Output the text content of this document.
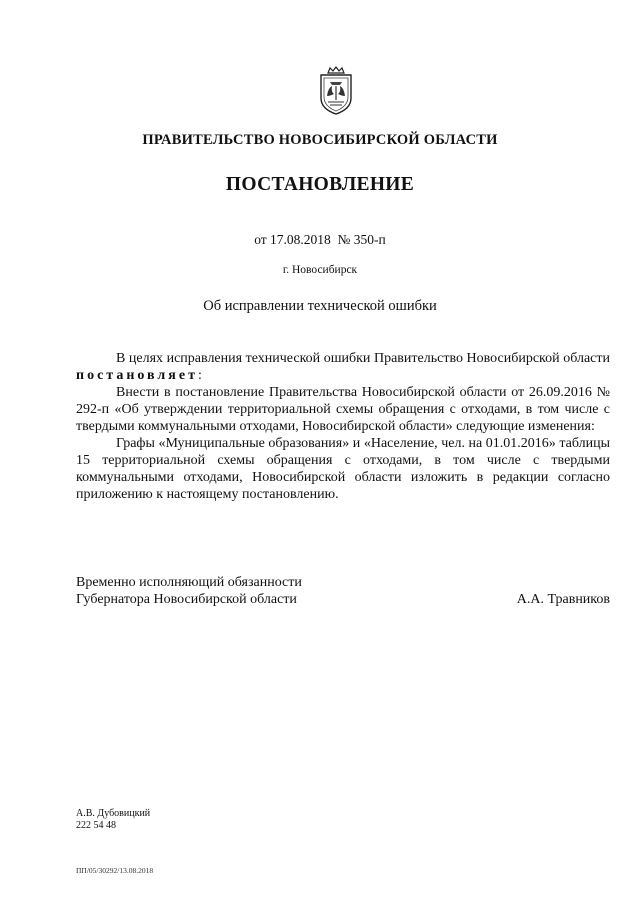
ПРАВИТЕЛЬСТВО НОВОСИБИРСКОЙ ОБЛАСТИ
ПОСТАНОВЛЕНИЕ
от 17.08.2018  № 350-п
г. Новосибирск
Об исправлении технической ошибки

В целях исправления технической ошибки Правительство Новосибирской области постановляет:

Внести в постановление Правительства Новосибирской области от 26.09.2016 № 292-п «Об утверждении территориальной схемы обращения с отходами, в том числе с твердыми коммунальными отходами, Новосибирской области» следующие изменения:

Графы «Муниципальные образования» и «Население, чел. на 01.01.2016» таблицы 15 территориальной схемы обращения с отходами, в том числе с твердыми коммунальными отходами, Новосибирской области изложить в редакции согласно приложению к настоящему постановлению.

Временно исполняющий обязанности
Губернатора Новосибирской области	А.А. Травников
А.В. Дубовицкий
222 54 48
ПП/05/30292/13.08.2018
